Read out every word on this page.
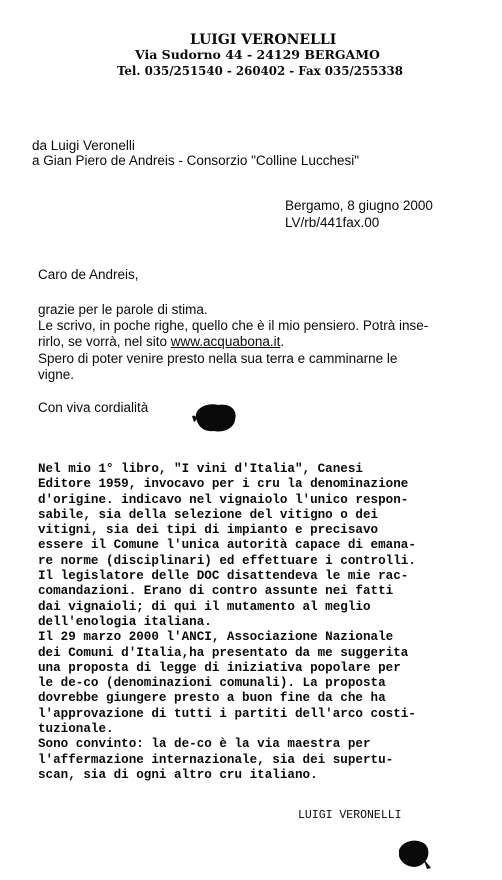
LUIGI VERONELLI
Via Sudorno 44 - 24129 BERGAMO
Tel. 035/251540 - 260402 - Fax 035/255338
da Luigi Veronelli
a Gian Piero de Andreis - Consorzio "Colline Lucchesi"
Bergamo, 8 giugno 2000
LV/rb/441fax.00
Caro de Andreis,
grazie per le parole di stima.
Le scrivo, in poche righe, quello che è il mio pensiero. Potrà inse-
rirlo, se vorrà, nel sito www.acquabona.it.
Spero di poter venire presto nella sua terra e camminarne le
vigne.
Con viva cordialità
Nel mio 1° libro, "I vini d'Italia", Canesi
Editore 1959, invocavo per i cru la denominazione
d'origine. indicavo nel vignaiolo l'unico respon-
sabile, sia della selezione del vitigno o dei
vitigni, sia dei tipi di impianto e precisavo
essere il Comune l'unica autorità capace di emana-
re norme (disciplinari) ed effettuare i controlli.
Il legislatore delle DOC disattendeva le mie rac-
comandazioni. Erano di contro assunte nei fatti
dai vignaioli; di qui il mutamento al meglio
dell'enologia italiana.
Il 29 marzo 2000 l'ANCI, Associazione Nazionale
dei Comuni d'Italia,ha presentato da me suggerita
una proposta di legge di iniziativa popolare per
le de-co (denominazioni comunali). La proposta
dovrebbe giungere presto a buon fine da che ha
l'approvazione di tutti i partiti dell'arco costi-
tuzionale.
Sono convinto: la de-co è la via maestra per
l'affermazione internazionale, sia dei supertu-
scan, sia di ogni altro cru italiano.
LUIGI VERONELLI
